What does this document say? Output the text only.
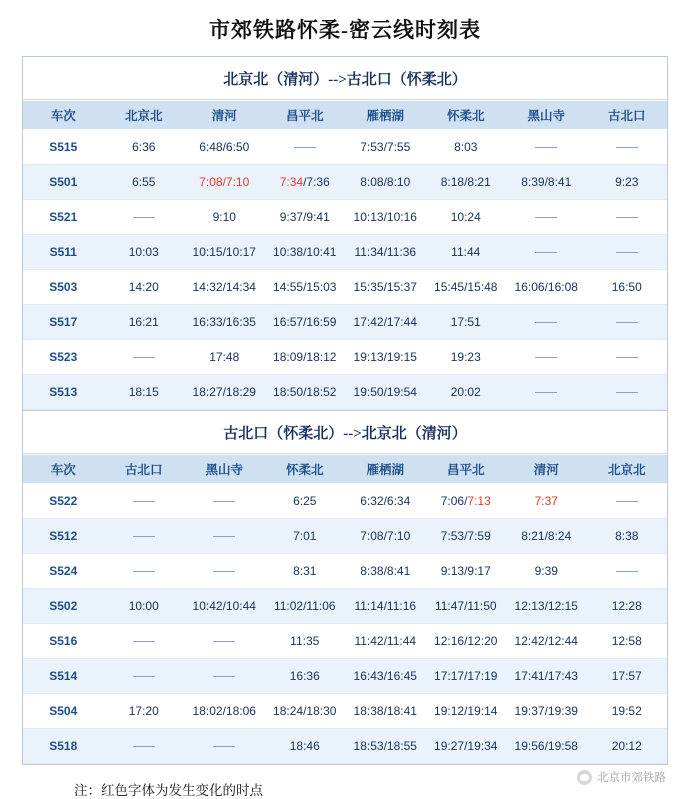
市郊铁路怀柔-密云线时刻表
北京北（清河）-->古北口（怀柔北）
车次	北京北	清河	昌平北	雁栖湖	怀柔北	黑山寺	古北口
S515	6:36	6:48/6:50		7:53/7:55	8:03		
S501	6:55	7:08/7:10	7:34/7:36	8:08/8:10	8:18/8:21	8:39/8:41	9:23
S521		9:10	9:37/9:41	10:13/10:16	10:24		
S511	10:03	10:15/10:17	10:38/10:41	11:34/11:36	11:44		
S503	14:20	14:32/14:34	14:55/15:03	15:35/15:37	15:45/15:48	16:06/16:08	16:50
S517	16:21	16:33/16:35	16:57/16:59	17:42/17:44	17:51		
S523		17:48	18:09/18:12	19:13/19:15	19:23		
S513	18:15	18:27/18:29	18:50/18:52	19:50/19:54	20:02		
古北口（怀柔北）-->北京北（清河）
车次	古北口	黑山寺	怀柔北	雁栖湖	昌平北	清河	北京北
S522			6:25	6:32/6:34	7:06/7:13	7:37	
S512			7:01	7:08/7:10	7:53/7:59	8:21/8:24	8:38
S524			8:31	8:38/8:41	9:13/9:17	9:39	
S502	10:00	10:42/10:44	11:02/11:06	11:14/11:16	11:47/11:50	12:13/12:15	12:28
S516			11:35	11:42/11:44	12:16/12:20	12:42/12:44	12:58
S514			16:36	16:43/16:45	17:17/17:19	17:41/17:43	17:57
S504	17:20	18:02/18:06	18:24/18:30	18:38/18:41	19:12/19:14	19:37/19:39	19:52
S518			18:46	18:53/18:55	19:27/19:34	19:56/19:58	20:12
注：红色字体为发生变化的时点
北京市郊铁路
